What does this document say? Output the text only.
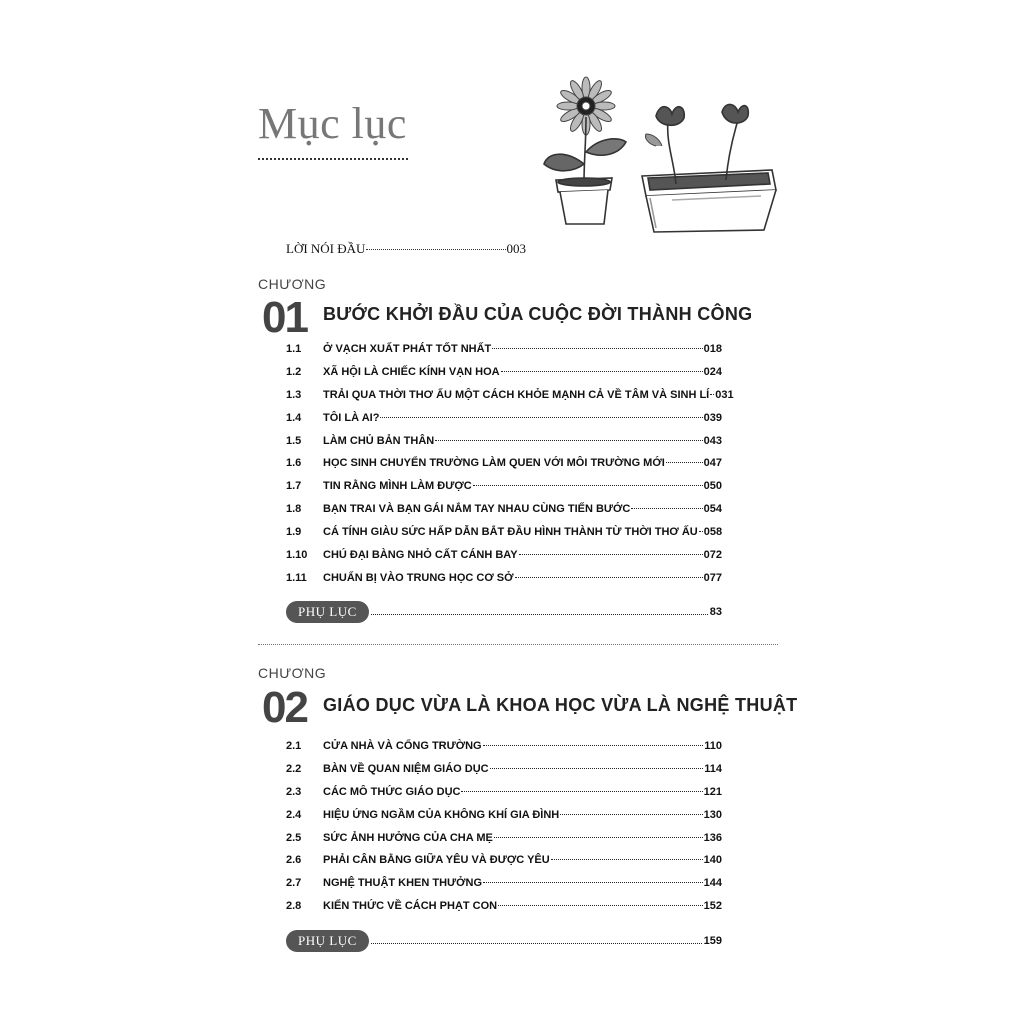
Mục lục
LỜI NÓI ĐẦU	003
CHƯƠNG
01 BƯỚC KHỞI ĐẦU CỦA CUỘC ĐỜI THÀNH CÔNG
1.1	Ở VẠCH XUẤT PHÁT TỐT NHẤT	018
1.2	XÃ HỘI LÀ CHIẾC KÍNH VẠN HOA	024
1.3	TRẢI QUA THỜI THƠ ẤU MỘT CÁCH KHỎE MẠNH CẢ VỀ TÂM VÀ SINH LÍ 031
1.4	TÔI LÀ AI?	039
1.5	LÀM CHỦ BẢN THÂN	043
1.6	HỌC SINH CHUYỂN TRƯỜNG LÀM QUEN VỚI MÔI TRƯỜNG MỚI	047
1.7	TIN RẰNG MÌNH LÀM ĐƯỢC	050
1.8	BẠN TRAI VÀ BẠN GÁI NẮM TAY NHAU CÙNG TIẾN BƯỚC	054
1.9	CÁ TÍNH GIÀU SỨC HẤP DẪN BẮT ĐẦU HÌNH THÀNH TỪ THỜI THƠ ẤU 058
1.10	CHÚ ĐẠI BÀNG NHỎ CẤT CÁNH BAY	072
1.11	CHUẨN BỊ VÀO TRUNG HỌC CƠ SỞ	077
PHỤ LỤC	83
CHƯƠNG
02 GIÁO DỤC VỪA LÀ KHOA HỌC VỪA LÀ NGHỆ THUẬT
2.1	CỬA NHÀ VÀ CỔNG TRƯỜNG	110
2.2	BÀN VỀ QUAN NIỆM GIÁO DỤC	114
2.3	CÁC MÔ THỨC GIÁO DỤC	121
2.4	HIỆU ỨNG NGẦM CỦA KHÔNG KHÍ GIA ĐÌNH	130
2.5	SỨC ẢNH HƯỞNG CỦA CHA MẸ	136
2.6	PHẢI CÂN BẰNG GIỮA YÊU VÀ ĐƯỢC YÊU	140
2.7	NGHỆ THUẬT KHEN THƯỞNG	144
2.8	KIẾN THỨC VỀ CÁCH PHẠT CON	152
PHỤ LỤC	159
